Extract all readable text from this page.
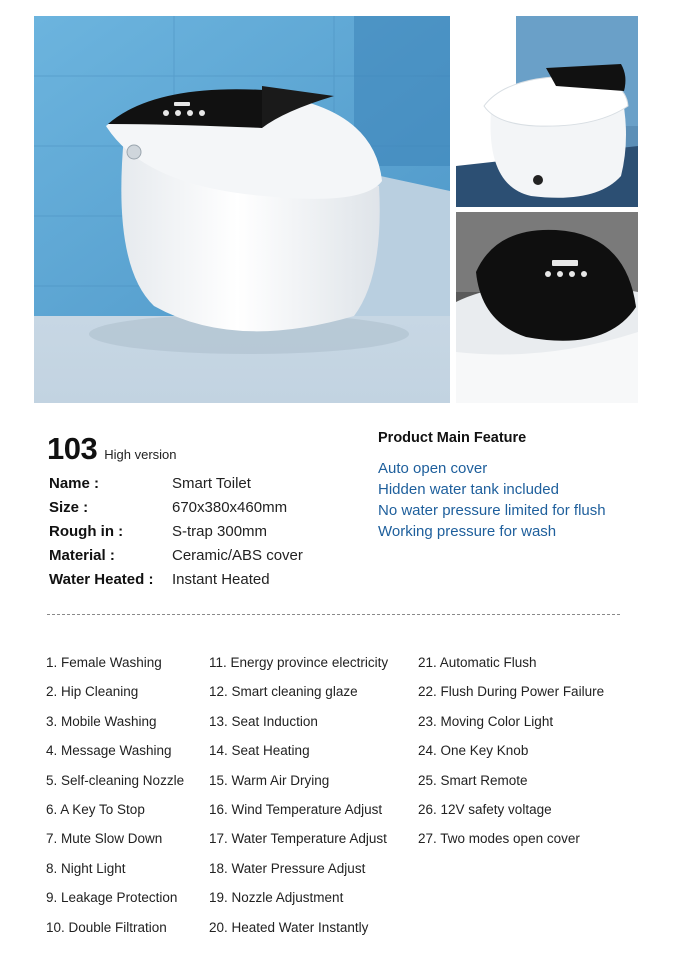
103 High version
Name :	Smart Toilet
Size :	670x380x460mm
Rough in :	S-trap 300mm
Material :	Ceramic/ABS cover
Water Heated :	Instant Heated
Product Main Feature
Auto open cover
Hidden water tank included
No water pressure limited for flush
Working pressure for wash
1. Female Washing
2. Hip Cleaning
3. Mobile Washing
4. Message Washing
5. Self-cleaning Nozzle
6. A Key To Stop
7. Mute Slow Down
8. Night Light
9. Leakage Protection
10. Double Filtration
11. Energy province electricity
12. Smart cleaning glaze
13. Seat Induction
14. Seat Heating
15. Warm Air Drying
16. Wind Temperature Adjust
17. Water Temperature Adjust
18. Water Pressure Adjust
19. Nozzle Adjustment
20. Heated Water Instantly
21. Automatic Flush
22. Flush During Power Failure
23. Moving Color Light
24. One Key Knob
25. Smart Remote
26. 12V safety voltage
27. Two modes open cover
